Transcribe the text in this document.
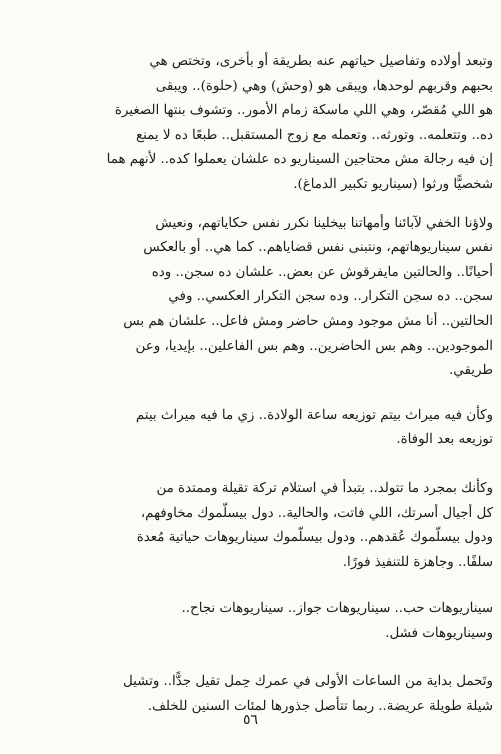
وتبعد أولاده وتفاصيل حياتهم عنه بطريقة أو بأخرى، وتختص هي
بحبهم وقربهم لوحدها، ويبقى هو (وحش) وهي (حلوة).. ويبقى
هو اللي مُقصّر، وهي اللي ماسكة زمام الأمور.. وتشوف بنتها الصغيرة
ده.. وتتعلمه.. وتورثه.. وتعمله مع زوج المستقبل.. طبعًا ده لا يمنع
إن فيه رجالة مش محتاجين السيناريو ده علشان يعملوا كده.. لأنهم هما
شخصيًّا ورثوا (سيناريو تكبير الدماغ).

ولاؤنا الخفي لآبائنا وأمهاتنا بيخلينا نكرر نفس حكاياتهم، ونعيش
نفس سيناريوهاتهم، ونتبنى نفس قضاياهم.. كما هي.. أو بالعكس
أحيانًا.. والحالتين مايفرقوش عن بعض.. علشان ده سجن.. وده
سجن.. ده سجن التكرار.. وده سجن التكرار العكسي.. وفي
الحالتين.. أنا مش موجود ومش حاضر ومش فاعل.. علشان هم بس
الموجودين.. وهم بس الحاضرين.. وهم بس الفاعلين.. بإيديا، وعن
طريقي.

وكأن فيه ميراث بيتم توزيعه ساعة الولادة.. زي ما فيه ميراث بيتم
توزيعه بعد الوفاة.

وكأنك بمجرد ما تتولد.. بتبدأ في استلام تركة تقيلة وممتدة من
كل أجيال أسرتك، اللي فاتت، والحالية.. دول بيسلّموك مخاوفهم،
ودول بيسلّموك عُقدهم.. ودول بيسلّموك سيناريوهات حياتية مُعدة
سلفًا.. وجاهزة للتنفيذ فورًا.

سيناريوهات حب.. سيناريوهات جواز.. سيناريوهات نجاح..
وسيناريوهات فشل.

وتَحمل بداية من الساعات الأولى في عمرك حِمل تقيل جدًّا.. وتشيل
شيلة طويلة عريضة.. ربما تتأصل جذورها لمئات السنين للخلف.

٥٦
